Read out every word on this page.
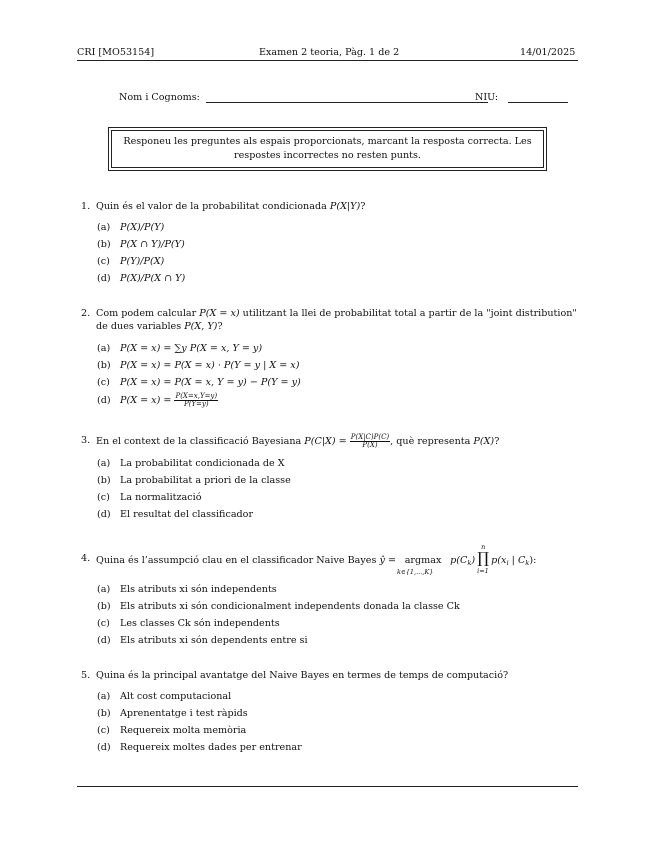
CRI [MO53154]	Examen 2 teoria, Pàg. 1 de 2	14/01/2025
Nom i Cognoms:	NIU:
Responeu les preguntes als espais proporcionats, marcant la resposta correcta. Les
respostes incorrectes no resten punts.
1. Quin és el valor de la probabilitat condicionada P(X|Y)?
(a) P(X)/P(Y)
(b) P(X ∩ Y)/P(Y)
(c) P(Y)/P(X)
(d) P(X)/P(X ∩ Y)
2. Com podem calcular P(X = x) utilitzant la llei de probabilitat total a partir de la "joint distribution"
de dues variables P(X, Y)?
(a) P(X = x) = ∑y P(X = x, Y = y)
(b) P(X = x) = P(X = x) · P(Y = y | X = x)
(c) P(X = x) = P(X = x, Y = y) − P(Y = y)
(d) $P(X = x) = \frac{P(X=x,Y=y)}{P(Y=y)}$
3. En el context de la classificació Bayesiana $P(C|X) = \frac{P(X|C)P(C)}{P(X)}$ , què representa P(X)?
(a) La probabilitat condicionada de X
(b) La probabilitat a priori de la classe
(c) La normalització
(d) El resultat del classificador
4. Quina és l’assumpció clau en el classificador Naive Bayes ŷ = argmax
k∈{1,...,K}
$p(C_k)$
n
∏
i=1
$p(x_i$ | $C_k$):
(a) Els atributs xi són independents
(b) Els atributs xi són condicionalment independents donada la classe Ck
(c) Les classes Ck són independents
(d) Els atributs xi són dependents entre si
5. Quina és la principal avantatge del Naive Bayes en termes de temps de computació?
(a) Alt cost computacional
(b) Aprenentatge i test ràpids
(c) Requereix molta memòria
(d) Requereix moltes dades per entrenar
